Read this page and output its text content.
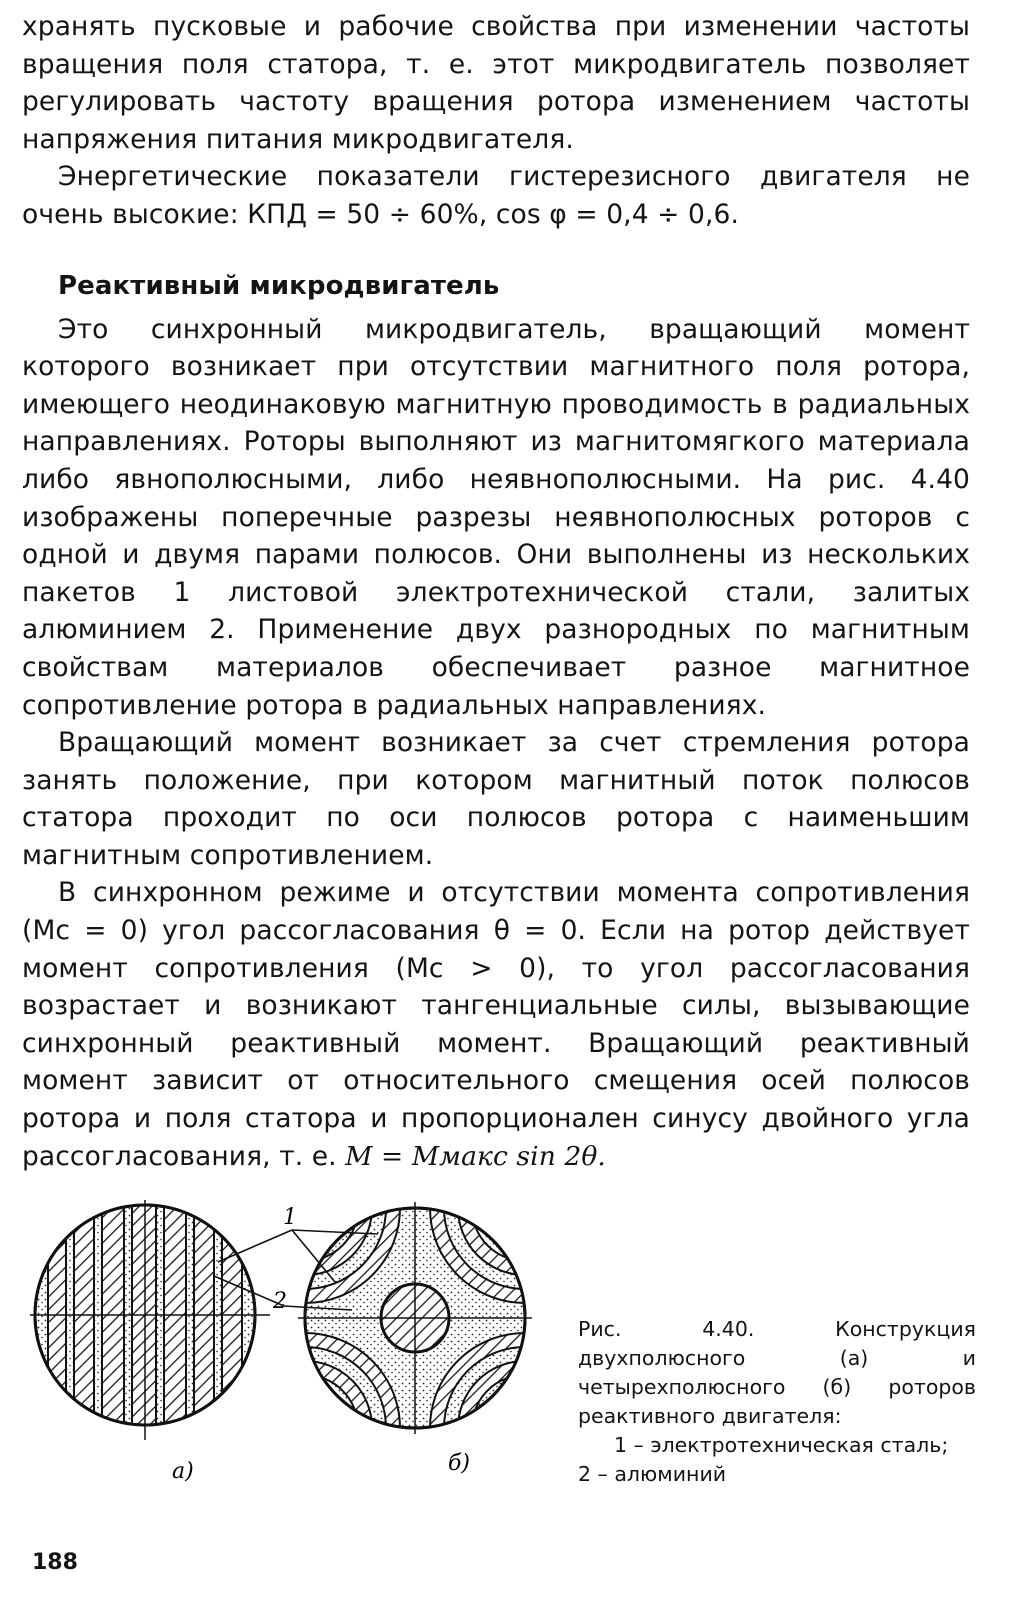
хранять пусковые и рабочие свойства при изменении частоты вращения поля статора, т. е. этот микродвигатель позволяет регулировать частоту вращения ротора изменением частоты напряжения питания микродвигателя.

Энергетические показатели гистерезисного двигателя не очень высокие: КПД = 50 ÷ 60%, cos φ = 0,4 ÷ 0,6.

Реактивный микродвигатель

Это синхронный микродвигатель, вращающий момент которого возникает при отсутствии магнитного поля ротора, имеющего неодинаковую магнитную проводимость в радиальных направлениях. Роторы выполняют из магнитомягкого материала либо явнополюсными, либо неявнополюсными. На рис. 4.40 изображены поперечные разрезы неявнополюсных роторов с одной и двумя парами полюсов. Они выполнены из нескольких пакетов 1 листовой электротехнической стали, залитых алюминием 2. Применение двух разнородных по магнитным свойствам материалов обеспечивает разное магнитное сопротивление ротора в радиальных направлениях.

Вращающий момент возникает за счет стремления ротора занять положение, при котором магнитный поток полюсов статора проходит по оси полюсов ротора с наименьшим магнитным сопротивлением.

В синхронном режиме и отсутствии момента сопротивления (Mс = 0) угол рассогласования θ = 0. Если на ротор действует момент сопротивления (Mс > 0), то угол рассогласования возрастает и возникают тангенциальные силы, вызывающие синхронный реактивный момент. Вращающий реактивный момент зависит от относительного смещения осей полюсов ротора и поля статора и пропорционален синусу двойного угла рассогласования, т. е. M = Mмакс sin 2θ.

1
2
а)	б)

Рис. 4.40. Конструкция двухполюсного (а) и четырехполюсного (б) роторов реактивного двигателя:

1 – электротехническая сталь;
2 – алюминий
188
